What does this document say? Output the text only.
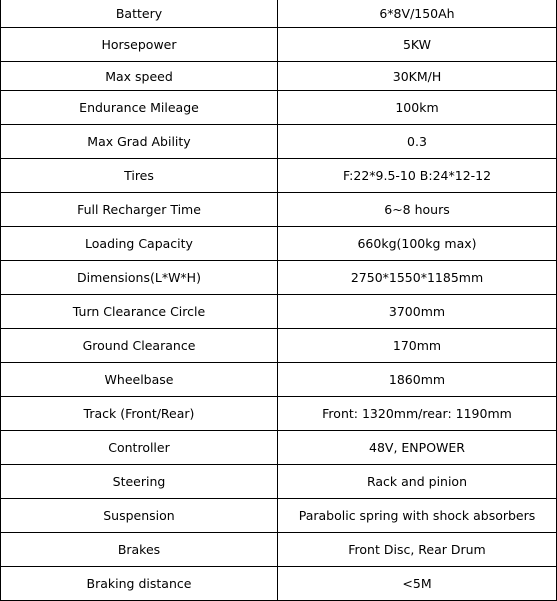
Battery	6*8V/150Ah
Horsepower	5KW
Max speed	30KM/H
Endurance Mileage	100km
Max Grad Ability	0.3
Tires	F:22*9.5-10 B:24*12-12
Full Recharger Time	6~8 hours
Loading Capacity	660kg(100kg max)
Dimensions(L*W*H)	2750*1550*1185mm
Turn Clearance Circle	3700mm
Ground Clearance	170mm
Wheelbase	1860mm
Track (Front/Rear)	Front: 1320mm/rear: 1190mm
Controller	48V, ENPOWER
Steering	Rack and pinion
Suspension	Parabolic spring with shock absorbers
Brakes	Front Disc, Rear Drum
Braking distance	<5M
